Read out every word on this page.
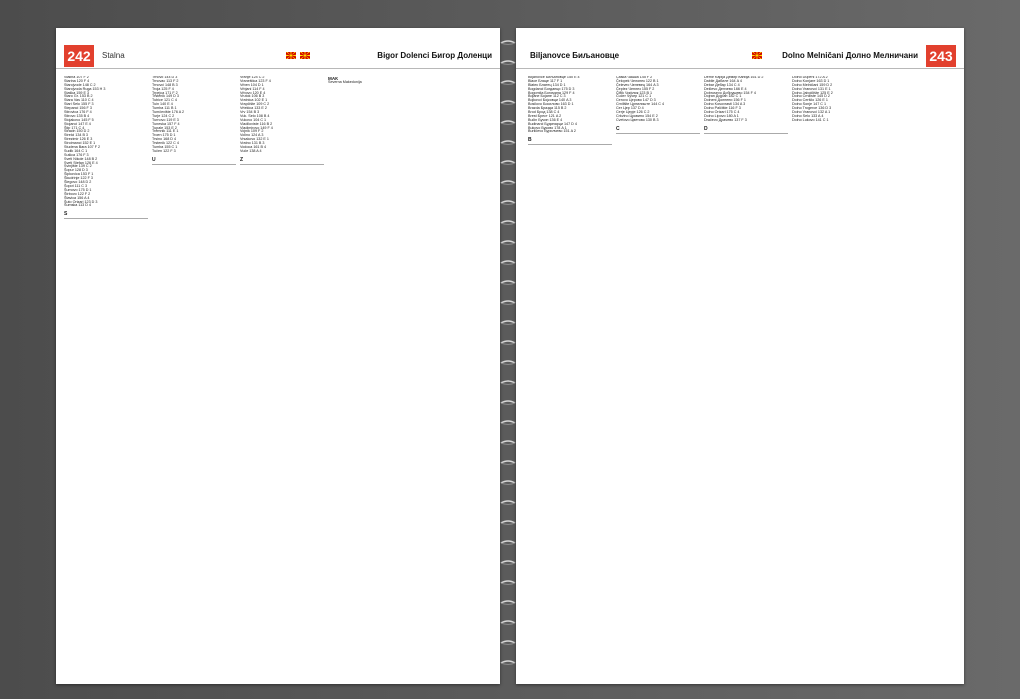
242	Stalna	Bigor Dolenci Бигор Доленци
Stalina 107 F 2
Starina 120 F 4
Starojvode 148 C 2
Starojvoda Ruga 153 H 3
Staška 159 E 3
Staro Gr. 153 B 2
Stara Vas 110 C 4
Stari Selo 155 F 3
Stepanci 156 F 3
Stirovica 176 F 4
Stirovo 135 B 4
Stojakovo 145 F 5
Stojanci 147 E 4
Štip 171 C 4
Stracin 150 D 2
Strelci 134 B 3
Strezimir 126 E 3
Stroimanci 152 E 1
Studena Bara 107 F 2
Sudik 164 C 1
Sušica 176 F 3
Sveti Nikole 148 B 2
Sveti Stefan 126 E 4
Svinjište 139 C 2
Šopur 128 D 3
Šipkovica 153 F 1
Škudrinje 122 F 3
Šlegovo 148 D 2
Šopot 111 C 3
Šumovo 175 D 1
Štrbovo 122 F 2
Štavica 156 A 4
Šuto Orizari 123 D 3
Šumska 113 D 4
S
Trnovo 144 D 3
Trnovac 113 F 2
Trnovci 148 B 3
Troja 125 F 4
Trpejca 171 F 2
Trstenik 149 D 3
Tubice 121 C 4
Tuin 140 E 4
Tumba 111 B 1
Tumčevište 176 A 2
Turje 124 C 2
Turnovo 119 E 3
Tuneska 157 F 4
Tupale 153 E 2
Tremnik 111 E 1
Troen 175 D 1
Trsino 168 D 4
Trstenik 122 C 4
Tumba 155 C 1
Tučen 122 F 3
U
Vranje 124 C 2
Vraneštica 123 F 4
Vrben 104 D 1
Vrbjani 114 F 4
Vrbovo 120 E 4
Vrutok 106 B 3
Vratnica 102 E 1
Vrapčište 109 C 2
Vrtekica 133 E 2
Vrv 154 B 3
Vuk. Selo 108 B 4
Vukovo 104 C 1
Vladiloviste 116 B 2
Vladimirovo 149 F 4
Vojnik 109 F 2
Volino 124 A 3
Vrsakovo 132 E 1
Vratno 131 B 3
Vodoca 161 B 4
Vuče 138 A 4
Z
МАК
Severna Makedonija
Biljanovce Биљановце	Dolno Melničani Долно Мелничани 243
Biljanovce Биљановце 150 E 4
Blace Блаце 117 F 1
Blatec Блатец 134 D 1
Bogdanci Богданци 175 D 3
Bogomila Богомила 129 F 4
Bojane Бојане 112 C 3
Bojkovci Бојковци 140 A 3
Bosilovo Босилово 163 D 1
Brazda Бразда 115 B 2
Brod Брод 138 C 4
Brest Брест 121 A 2
Bučin Бучин 136 E 4
Budinarci Будинарци 147 D 4
Bukovo Буково 178 A 1
Burilčevo Бурилчево 151 A 2
B
Čaška Чашка 145 F 2
Čelopek Челопек 122 B 1
Čelevec Челевец 164 A 3
Čeplez Чеплез 155 F 2
Čiflik Чифлик 123 B 1
Čučer Чучер 121 C 1
Cerovo Церово 147 D 3
Crnilište Црнилиште 144 C 4
Cer Цер 137 D 4
Cerje Церје 126 C 2
Crkvino Црквино 154 E 2
Cvetovo Цветово 130 B 3
C
Demir Kapija Демир Капија 161 D 2
Dabile Дабиле 164 A 4
Debar Дебар 134 C 4
Delčevo Делчево 166 E 4
Dobrusevo Добрушево 154 F 4
Dojran Дојран 182 C 1
Dolneni Долнени 156 F 1
Dolno Kosovrasti 134 A 3
Dolno Palčište 116 F 3
Dolno Orizari 175 C 4
Dolno Lipovo 180 A 1
Dračevo Драчево 137 F 3
D
Dolno Dupeni 172 A 2
Dolno Konjare 163 D 1
Dolno Melničani 159 D 2
Dolno Vranovci 131 E 1
Dolno Jabolčište 125 E 2
Dolno Crniliste 145 D 2
Dolno Ceršilo 126 E 1
Dolno Sonje 147 C 1
Dolno Trogerce 136 D 3
Dolno Vranovci 132 A 1
Dolno Selo 133 A 4
Dolno Lukovo 141 C 1
